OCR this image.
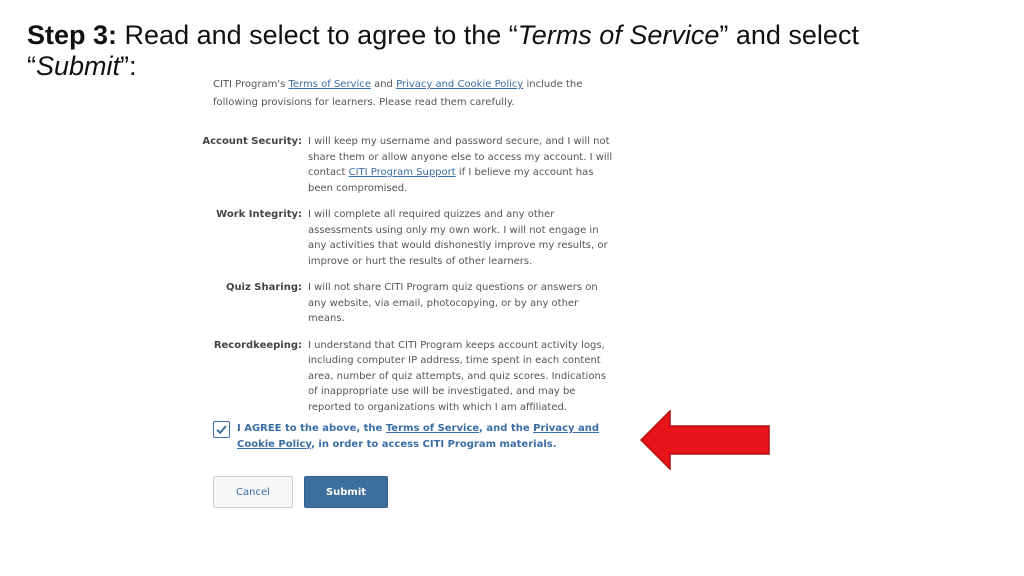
Step 3: Read and select to agree to the “Terms of Service” and select “Submit”:

CITI Program's Terms of Service and Privacy and Cookie Policy include the following provisions for learners. Please read them carefully.

Account Security: I will keep my username and password secure, and I will not share them or allow anyone else to access my account. I will contact CITI Program Support if I believe my account has been compromised.
Work Integrity: I will complete all required quizzes and any other assessments using only my own work. I will not engage in any activities that would dishonestly improve my results, or improve or hurt the results of other learners.
Quiz Sharing: I will not share CITI Program quiz questions or answers on any website, via email, photocopying, or by any other means.
Recordkeeping: I understand that CITI Program keeps account activity logs, including computer IP address, time spent in each content area, number of quiz attempts, and quiz scores. Indications of inappropriate use will be investigated, and may be reported to organizations with which I am affiliated.
I AGREE to the above, the Terms of Service, and the Privacy and Cookie Policy, in order to access CITI Program materials.
Cancel	Submit
